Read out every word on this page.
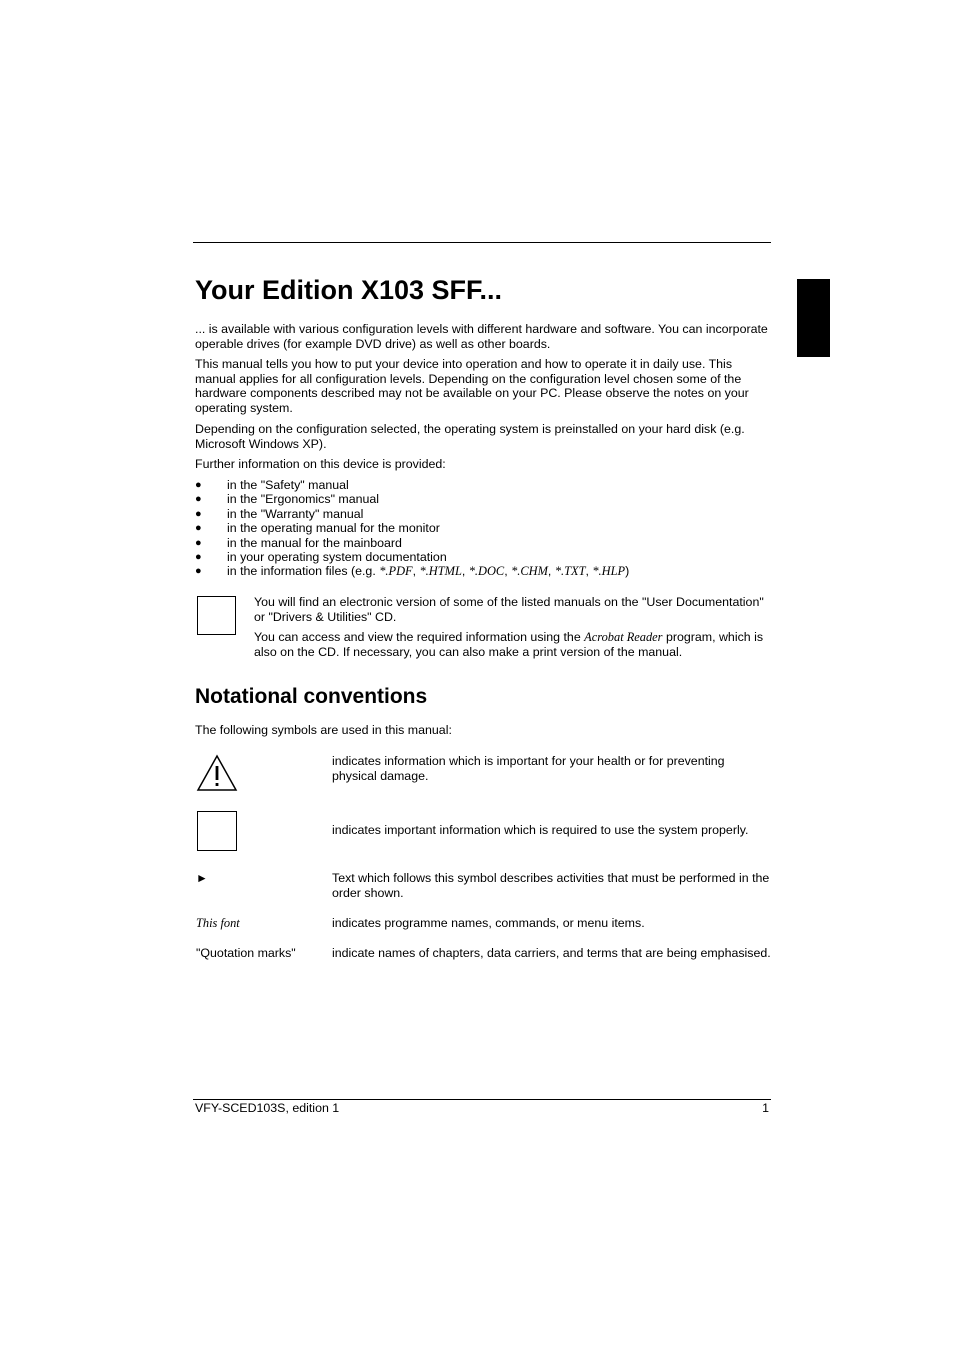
Your Edition X103 SFF...

... is available with various configuration levels with different hardware and software. You can incorporate operable drives (for example DVD drive) as well as other boards.

This manual tells you how to put your device into operation and how to operate it in daily use. This manual applies for all configuration levels. Depending on the configuration level chosen some of the hardware components described may not be available on your PC. Please observe the notes on your operating system.

Depending on the configuration selected, the operating system is preinstalled on your hard disk (e.g. Microsoft Windows XP).

Further information on this device is provided:

● in the "Safety" manual
● in the "Ergonomics" manual
● in the "Warranty" manual
● in the operating manual for the monitor
● in the manual for the mainboard
● in your operating system documentation
● in the information files (e.g. *.PDF, *.HTML, *.DOC, *.CHM, *.TXT, *.HLP)

You will find an electronic version of some of the listed manuals on the "User Documentation" or "Drivers & Utilities" CD.

You can access and view the required information using the Acrobat Reader program, which is also on the CD. If necessary, you can also make a print version of the manual.

Notational conventions

The following symbols are used in this manual:

indicates information which is important for your health or for preventing physical damage.

indicates important information which is required to use the system properly.

►	Text which follows this symbol describes activities that must be performed in the order shown.

This font	indicates programme names, commands, or menu items.

"Quotation marks"	indicate names of chapters, data carriers, and terms that are being emphasised.

VFY-SCED103S, edition 1	1
